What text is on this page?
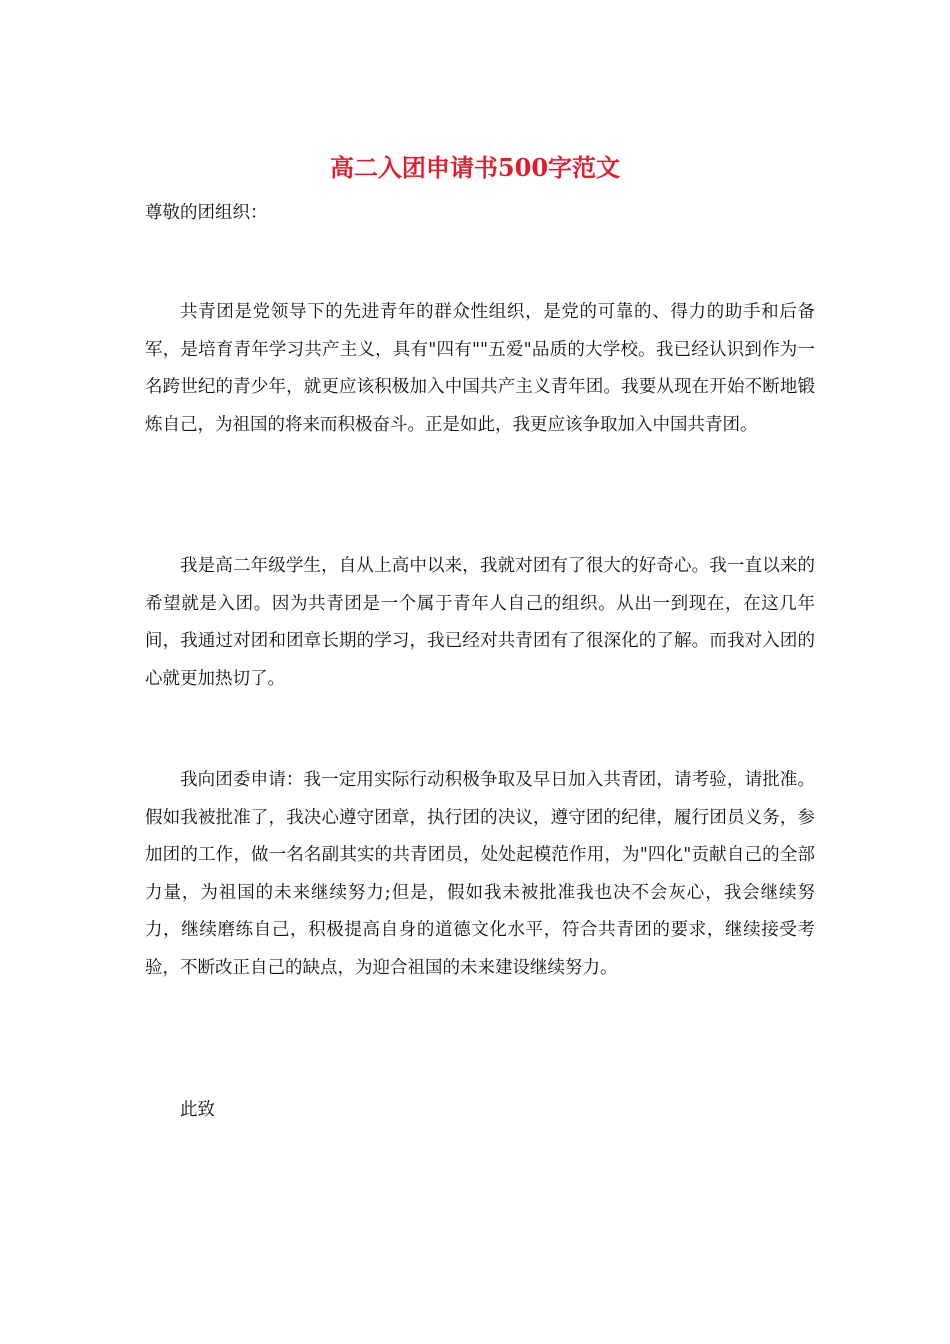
高二入团申请书500字范文

尊敬的团组织：

共青团是党领导下的先进青年的群众性组织，是党的可靠的、得力的助手和后备军，是培育青年学习共产主义，具有"四有""五爱"品质的大学校。我已经认识到作为一名跨世纪的青少年，就更应该积极加入中国共产主义青年团。我要从现在开始不断地锻炼自己，为祖国的将来而积极奋斗。正是如此，我更应该争取加入中国共青团。

我是高二年级学生，自从上高中以来，我就对团有了很大的好奇心。我一直以来的希望就是入团。因为共青团是一个属于青年人自己的组织。从出一到现在，在这几年间，我通过对团和团章长期的学习，我已经对共青团有了很深化的了解。而我对入团的心就更加热切了。

我向团委申请：我一定用实际行动积极争取及早日加入共青团，请考验，请批准。假如我被批准了，我决心遵守团章，执行团的决议，遵守团的纪律，履行团员义务，参加团的工作，做一名名副其实的共青团员，处处起模范作用，为"四化"贡献自己的全部力量，为祖国的未来继续努力;但是，假如我未被批准我也决不会灰心，我会继续努力，继续磨练自己，积极提高自身的道德文化水平，符合共青团的要求，继续接受考验，不断改正自己的缺点，为迎合祖国的未来建设继续努力。

此致
